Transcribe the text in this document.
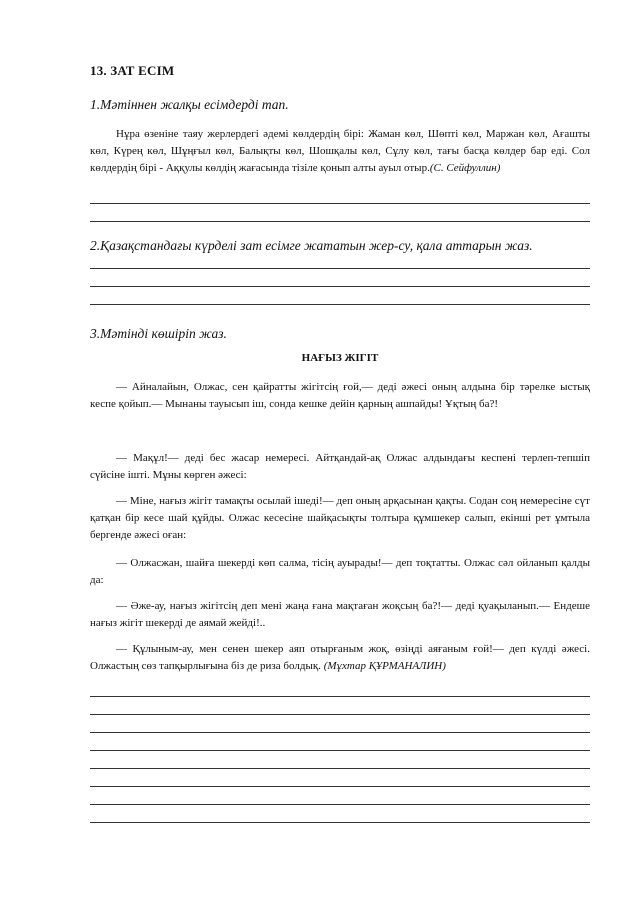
13. ЗАТ ЕСІМ
1.Мәтіннен жалқы есімдерді тап.
Нұра өзеніне таяу жерлердегі әдемі көлдердің бірі: Жаман көл, Шөпті көл, Маржан көл, Ағашты көл, Күрең көл, Шұңғыл көл, Балықты көл, Шошқалы көл, Сұлу көл, тағы басқа көлдер бар еді. Сол көлдердің бірі - Аққулы көлдің жағасында тізіле қонып алты ауыл отыр.(С. Сейфуллин)
2.Қазақстандағы күрделі зат есімге жататын жер-су, қала аттарын жаз.
3.Мәтінді көшіріп жаз.
НАҒЫЗ ЖІГІТ
— Айналайын, Олжас, сен қайратты жігітсің ғой,— деді әжесі оның алдына бір тәрелке ыстық кеспе қойып.— Мынаны тауысып іш, сонда кешке дейін қарның ашпайды! Ұқтың ба?!
— Мақұл!— деді бес жасар немересі. Айтқандай-ақ Олжас алдындағы кеспені терлеп-тепшіп сүйсіне ішті. Мұны көрген әжесі:
— Міне, нағыз жігіт тамақты осылай ішеді!— деп оның арқасынан қақты. Содан соң немересіне сүт қатқан бір кесе шай құйды. Олжас кесесіне шайқасықты толтыра құмшекер салып, екінші рет ұмтыла бергенде әжесі оған:
— Олжасжан, шайға шекерді көп салма, тісің ауырады!— деп тоқтатты. Олжас сәл ойланып қалды да:
— Әже-ау, нағыз жігітсің деп мені жаңа ғана мақтаған жоқсың ба?!— деді қуақыланып.— Ендеше нағыз жігіт шекерді де аямай жейді!..
— Құлыным-ау, мен сенен шекер аяп отырғаным жоқ, өзіңді аяғаным ғой!— деп күлді әжесі. Олжастың сөз тапқырлығына біз де риза болдық. (Мұхтар ҚҰРМАНАЛИН)
